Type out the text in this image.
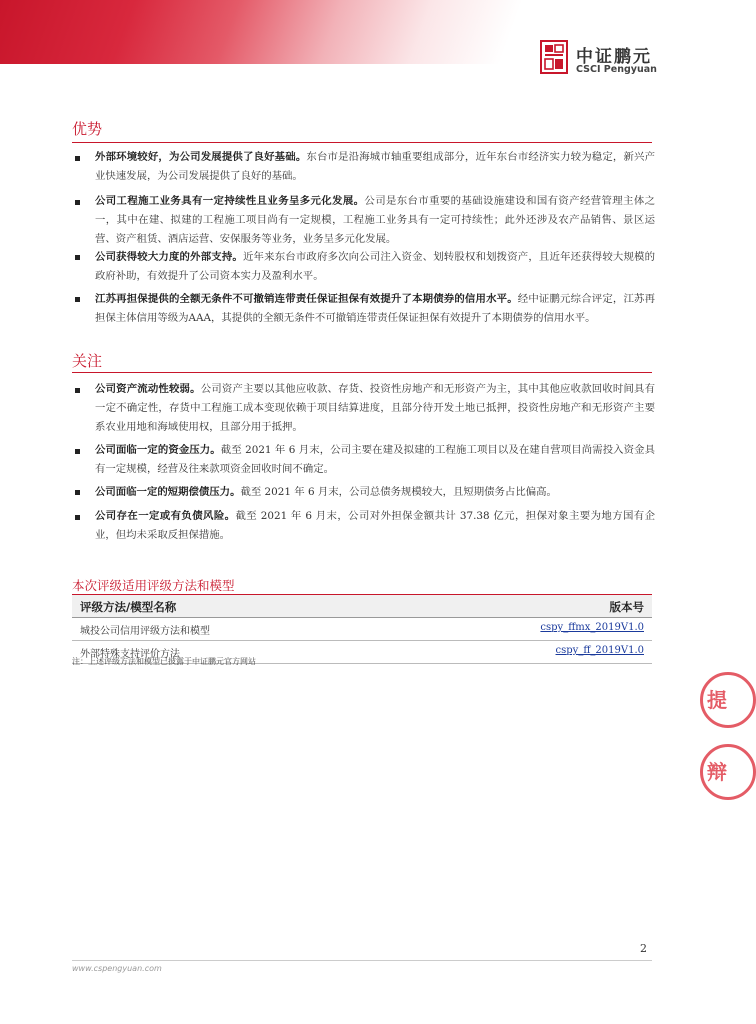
中证鹏元
CSCI Pengyuan
优势
外部环境较好，为公司发展提供了良好基础。东台市是沿海城市轴重要组成部分，近年东台市经济实力较为稳定，新兴产业快速发展，为公司发展提供了良好的基础。
公司工程施工业务具有一定持续性且业务呈多元化发展。公司是东台市重要的基础设施建设和国有资产经营管理主体之一，其中在建、拟建的工程施工项目尚有一定规模，工程施工业务具有一定可持续性；此外还涉及农产品销售、景区运营、资产租赁、酒店运营、安保服务等业务，业务呈多元化发展。
公司获得较大力度的外部支持。近年来东台市政府多次向公司注入资金、划转股权和划拨资产，且近年还获得较大规模的政府补助，有效提升了公司资本实力及盈利水平。
江苏再担保提供的全额无条件不可撤销连带责任保证担保有效提升了本期债券的信用水平。经中证鹏元综合评定，江苏再担保主体信用等级为AAA，其提供的全额无条件不可撤销连带责任保证担保有效提升了本期债券的信用水平。
关注
公司资产流动性较弱。公司资产主要以其他应收款、存货、投资性房地产和无形资产为主，其中其他应收款回收时间具有一定不确定性，存货中工程施工成本变现依赖于项目结算进度，且部分待开发土地已抵押，投资性房地产和无形资产主要系农业用地和海域使用权，且部分用于抵押。
公司面临一定的资金压力。截至 2021 年 6 月末，公司主要在建及拟建的工程施工项目以及在建自营项目尚需投入资金具有一定规模，经营及往来款项资金回收时间不确定。
公司面临一定的短期偿债压力。截至 2021 年 6 月末，公司总债务规模较大，且短期债务占比偏高。
公司存在一定或有负债风险。截至 2021 年 6 月末，公司对外担保金额共计 37.38 亿元，担保对象主要为地方国有企业，但均未采取反担保措施。
本次评级适用评级方法和模型
评级方法/模型名称	版本号
城投公司信用评级方法和模型	cspy_ffmx_2019V1.0
外部特殊支持评价方法	cspy_ff_2019V1.0
注：上述评级方法和模型已披露于中证鹏元官方网站
提
辩
2
www.cspengyuan.com
